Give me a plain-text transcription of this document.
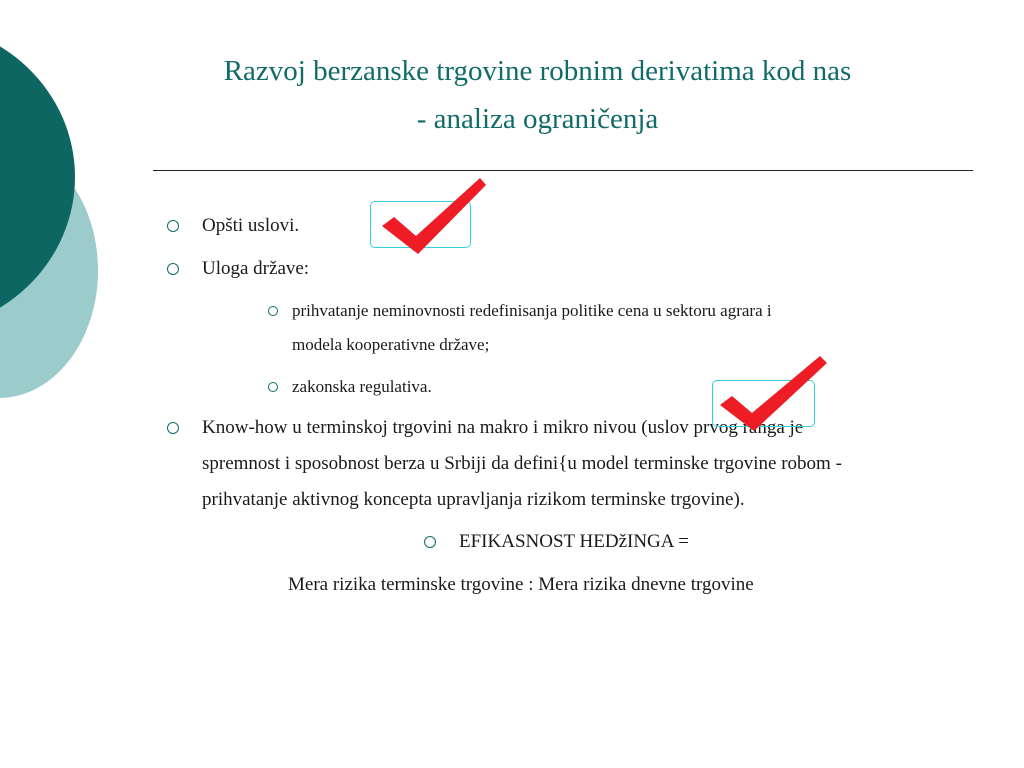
Razvoj berzanske trgovine robnim derivatima kod nas
- analiza ograničenja
Opšti uslovi.
Uloga države:
prihvatanje neminovnosti redefinisanja politike cena u sektoru agrara i
modela kooperativne države;
zakonska regulativa.
Know-how u terminskoj trgovini na makro i mikro nivou (uslov prvog ranga je
spremnost i sposobnost berza u Srbiji da defini{u model terminske trgovine robom -
prihvatanje aktivnog koncepta upravljanja rizikom terminske trgovine).
EFIKASNOST HEDžINGA =
Mera rizika terminske trgovine : Mera rizika dnevne trgovine
